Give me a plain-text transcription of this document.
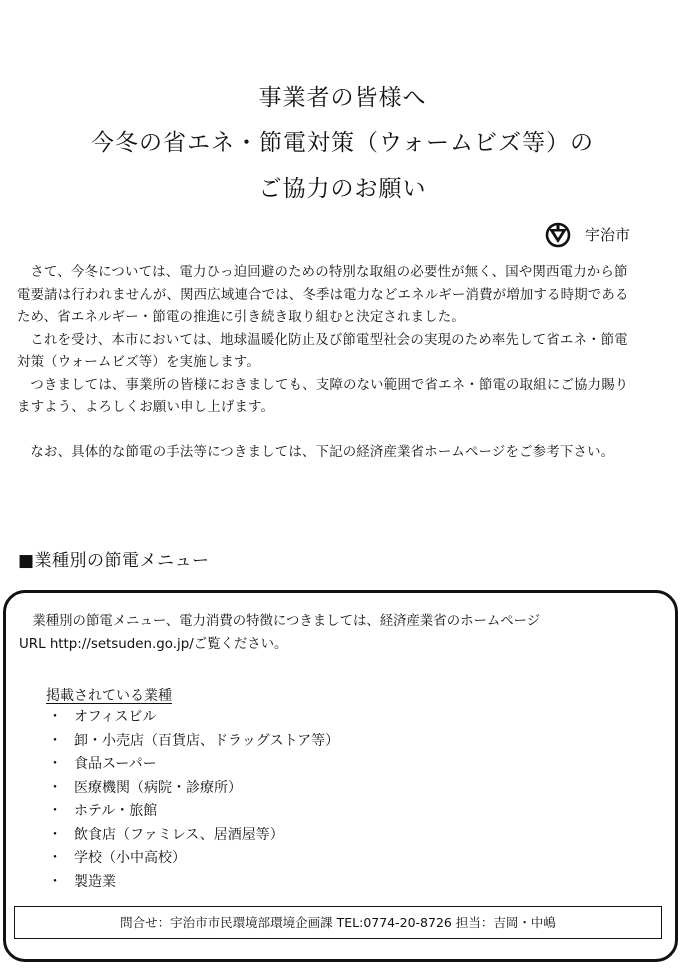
事業者の皆様へ
今冬の省エネ・節電対策（ウォームビズ等）の
ご協力のお願い
宇治市

さて、今冬については、電力ひっ迫回避のための特別な取組の必要性が無く、国や関西電力から節電要請は行われませんが、関西広域連合では、冬季は電力などエネルギー消費が増加する時期であるため、省エネルギー・節電の推進に引き続き取り組むと決定されました。

これを受け、本市においては、地球温暖化防止及び節電型社会の実現のため率先して省エネ・節電対策（ウォームビズ等）を実施します。

つきましては、事業所の皆様におきましても、支障のない範囲で省エネ・節電の取組にご協力賜りますよう、よろしくお願い申し上げます。

なお、具体的な節電の手法等につきましては、下記の経済産業省ホームページをご参考下さい。

■業種別の節電メニュー

業種別の節電メニュー、電力消費の特徴につきましては、経済産業省のホームページ

URL http://setsuden.go.jp/ご覧ください。

掲載されている業種
・ オフィスビル
・ 卸・小売店（百貨店、ドラッグストア等）
・ 食品スーパー
・ 医療機関（病院・診療所）
・ ホテル・旅館
・ 飲食店（ファミレス、居酒屋等）
・ 学校（小中高校）
・ 製造業
問合せ：宇治市市民環境部環境企画課 TEL:0774-20-8726 担当：吉岡・中嶋
